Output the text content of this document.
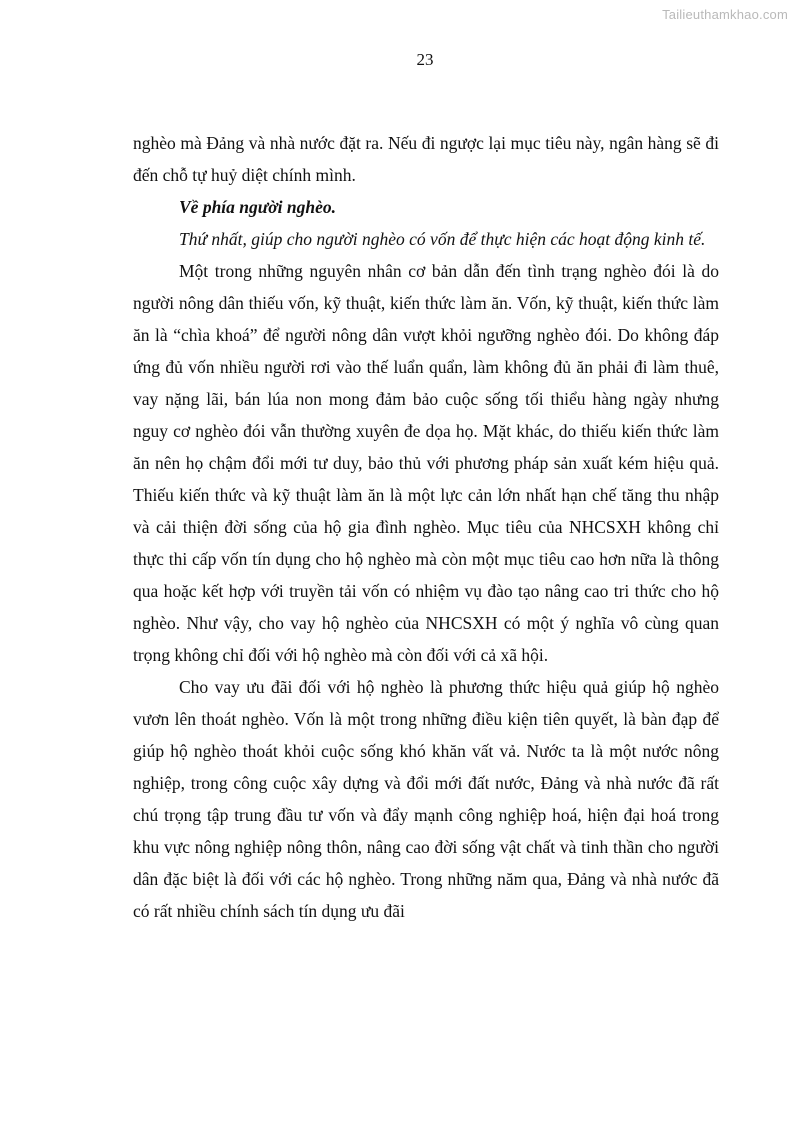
Tailieuthamkhao.com
23

nghèo mà Đảng và nhà nước đặt ra. Nếu đi ngược lại mục tiêu này, ngân hàng sẽ đi đến chỗ tự huỷ diệt chính mình.

Về phía người nghèo.

Thứ nhất, giúp cho người nghèo có vốn để thực hiện các hoạt động kinh tế.

Một trong những nguyên nhân cơ bản dẫn đến tình trạng nghèo đói là do người nông dân thiếu vốn, kỹ thuật, kiến thức làm ăn. Vốn, kỹ thuật, kiến thức làm ăn là “chìa khoá” để người nông dân vượt khỏi ngưỡng nghèo đói. Do không đáp ứng đủ vốn nhiều người rơi vào thế luẩn quẩn, làm không đủ ăn phải đi làm thuê, vay nặng lãi, bán lúa non mong đảm bảo cuộc sống tối thiểu hàng ngày nhưng nguy cơ nghèo đói vẫn thường xuyên đe dọa họ. Mặt khác, do thiếu kiến thức làm ăn nên họ chậm đổi mới tư duy, bảo thủ với phương pháp sản xuất kém hiệu quả. Thiếu kiến thức và kỹ thuật làm ăn là một lực cản lớn nhất hạn chế tăng thu nhập và cải thiện đời sống của hộ gia đình nghèo. Mục tiêu của NHCSXH không chỉ thực thi cấp vốn tín dụng cho hộ nghèo mà còn một mục tiêu cao hơn nữa là thông qua hoặc kết hợp với truyền tải vốn có nhiệm vụ đào tạo nâng cao tri thức cho hộ nghèo. Như vậy, cho vay hộ nghèo của NHCSXH có một ý nghĩa vô cùng quan trọng không chỉ đối với hộ nghèo mà còn đối với cả xã hội.

Cho vay ưu đãi đối với hộ nghèo là phương thức hiệu quả giúp hộ nghèo vươn lên thoát nghèo. Vốn là một trong những điều kiện tiên quyết, là bàn đạp để giúp hộ nghèo thoát khỏi cuộc sống khó khăn vất vả. Nước ta là một nước nông nghiệp, trong công cuộc xây dựng và đổi mới đất nước, Đảng và nhà nước đã rất chú trọng tập trung đầu tư vốn và đẩy mạnh công nghiệp hoá, hiện đại hoá trong khu vực nông nghiệp nông thôn, nâng cao đời sống vật chất và tinh thần cho người dân đặc biệt là đối với các hộ nghèo. Trong những năm qua, Đảng và nhà nước đã có rất nhiều chính sách tín dụng ưu đãi
